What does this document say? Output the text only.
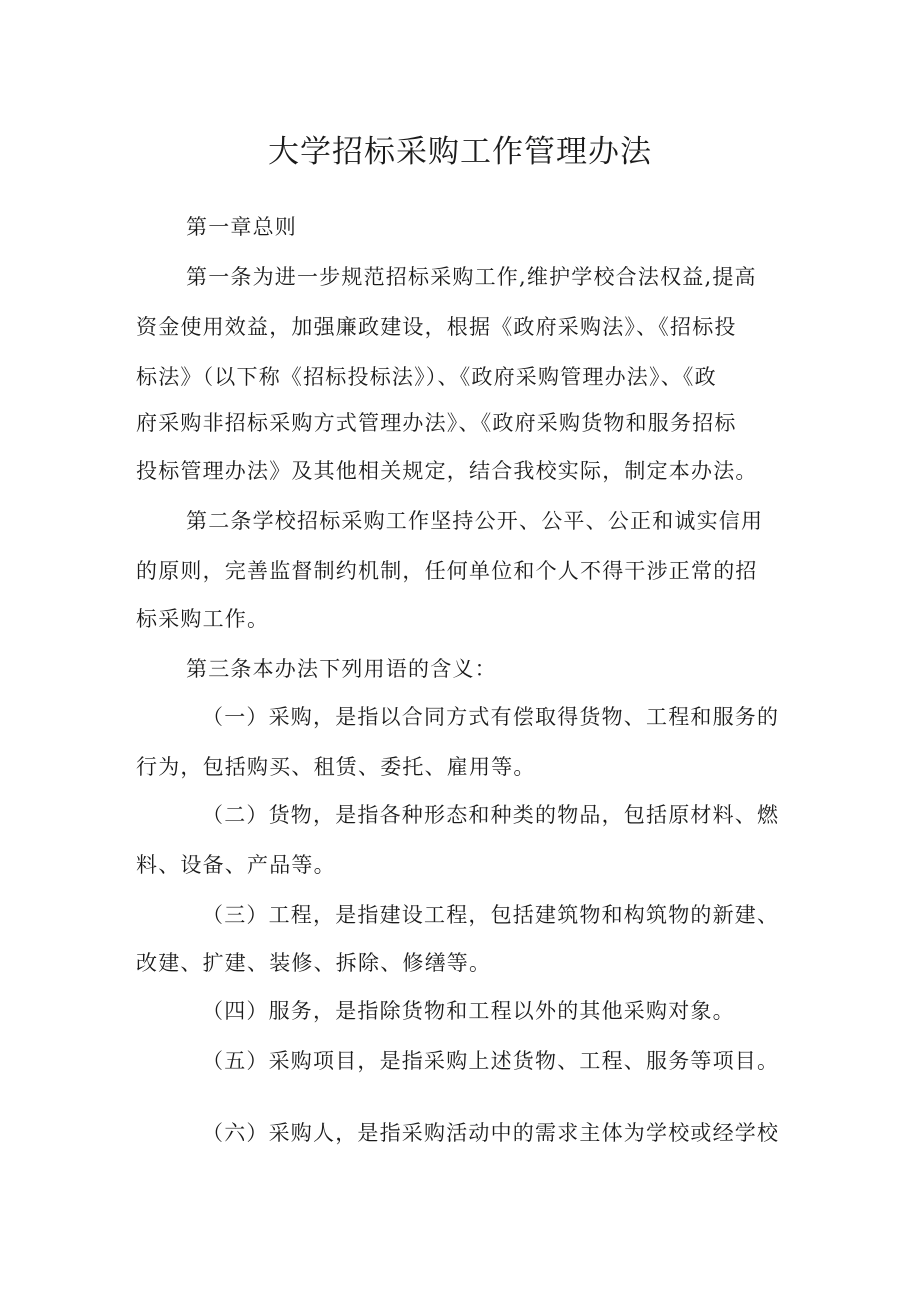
大学招标采购工作管理办法
第一章总则
第一条为进一步规范招标采购工作,维护学校合法权益,提高
资金使用效益，加强廉政建设，根据《政府采购法》、《招标投
标法》（以下称《招标投标法》）、《政府采购管理办法》、《政
府采购非招标采购方式管理办法》、《政府采购货物和服务招标
投标管理办法》及其他相关规定，结合我校实际，制定本办法。
第二条学校招标采购工作坚持公开、公平、公正和诚实信用
的原则，完善监督制约机制，任何单位和个人不得干涉正常的招
标采购工作。
第三条本办法下列用语的含义：
（一）采购，是指以合同方式有偿取得货物、工程和服务的
行为，包括购买、租赁、委托、雇用等。
（二）货物，是指各种形态和种类的物品，包括原材料、燃
料、设备、产品等。
（三）工程，是指建设工程，包括建筑物和构筑物的新建、
改建、扩建、装修、拆除、修缮等。
（四）服务，是指除货物和工程以外的其他采购对象。
（五）采购项目，是指采购上述货物、工程、服务等项目。
（六）采购人，是指采购活动中的需求主体为学校或经学校
